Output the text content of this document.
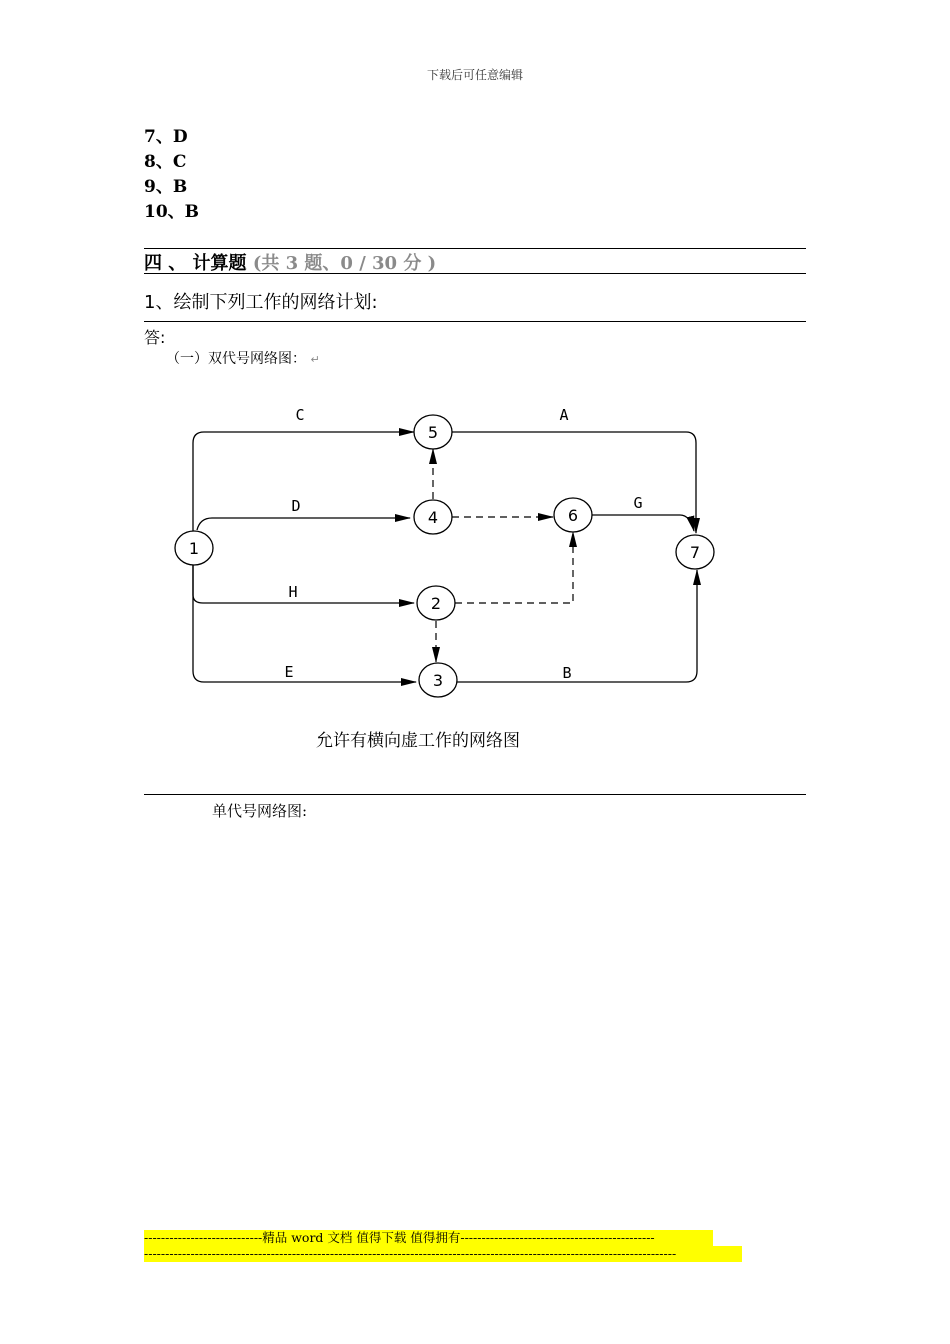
下载后可任意编辑
7、D
8、C
9、B
10、B
四 、 计算题 (共 3 题、0 / 30 分 )
1、绘制下列工作的网络计划:
答:
（一）双代号网络图： ↵
1
2
3
4
5
6
7
C	A
D	G
H
E	B
允许有横向虚工作的网络图
单代号网络图:
----------------------------精品 word 文档 值得下载 值得拥有----------------------------------------------
------------------------------------------------------------------------------------------------------------------------------
